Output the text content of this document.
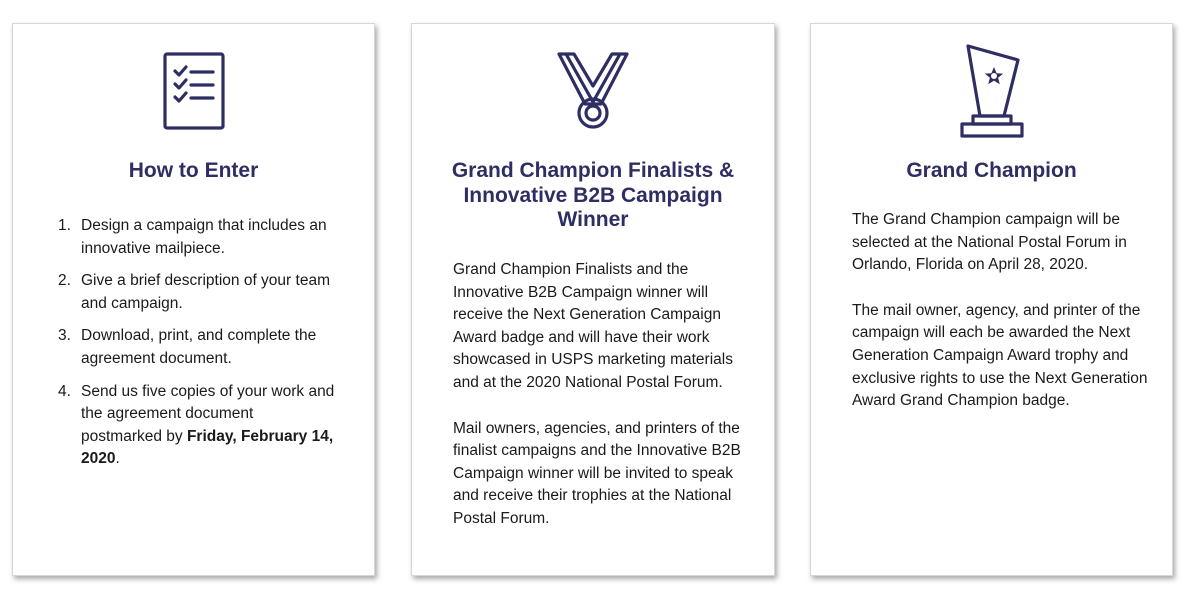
How to Enter
1. Design a campaign that includes an innovative mailpiece.
2. Give a brief description of your team and campaign.
3. Download, print, and complete the agreement document.
4. Send us five copies of your work and the agreement document postmarked by Friday, February 14, 2020.
Grand Champion Finalists & Innovative B2B Campaign Winner

Grand Champion Finalists and the Innovative B2B Campaign winner will receive the Next Generation Campaign Award badge and will have their work showcased in USPS marketing materials and at the 2020 National Postal Forum.

Mail owners, agencies, and printers of the finalist campaigns and the Innovative B2B Campaign winner will be invited to speak and receive their trophies at the National Postal Forum.

Grand Champion

The Grand Champion campaign will be selected at the National Postal Forum in Orlando, Florida on April 28, 2020.

The mail owner, agency, and printer of the campaign will each be awarded the Next Generation Campaign Award trophy and exclusive rights to use the Next Generation Award Grand Champion badge.
